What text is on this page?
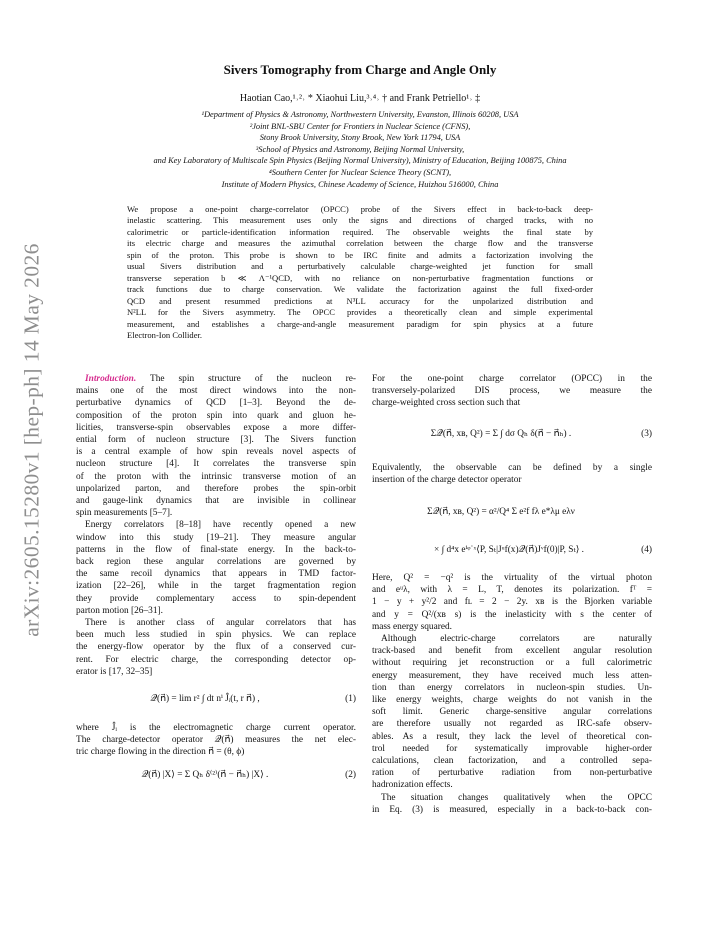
arXiv:2605.15280v1 [hep-ph] 14 May 2026
Sivers Tomography from Charge and Angle Only
Haotian Cao,¹˒²˒ * Xiaohui Liu,³˒⁴˒ † and Frank Petriello¹˒ ‡
¹Department of Physics & Astronomy, Northwestern University, Evanston, Illinois 60208, USA
²Joint BNL-SBU Center for Frontiers in Nuclear Science (CFNS),
Stony Brook University, Stony Brook, New York 11794, USA
³School of Physics and Astronomy, Beijing Normal University,
and Key Laboratory of Multiscale Spin Physics (Beijing Normal University), Ministry of Education, Beijing 100875, China
⁴Southern Center for Nuclear Science Theory (SCNT),
Institute of Modern Physics, Chinese Academy of Science, Huizhou 516000, China
We propose a one-point charge-correlator (OPCC) probe of the Sivers effect in back-to-back deep-
inelastic scattering. This measurement uses only the signs and directions of charged tracks, with no
calorimetric or particle-identification information required. The observable weights the final state by
its electric charge and measures the azimuthal correlation between the charge flow and the transverse
spin of the proton. This probe is shown to be IRC finite and admits a factorization involving the
usual Sivers distribution and a perturbatively calculable charge-weighted jet function for small
transverse seperation b ≪ Λ⁻¹QCD, with no reliance on non-perturbative fragmentation functions or
track functions due to charge conservation. We validate the factorization against the full fixed-order
QCD and present resummed predictions at N³LL accuracy for the unpolarized distribution and
N²LL for the Sivers asymmetry. The OPCC provides a theoretically clean and simple experimental
measurement, and establishes a charge-and-angle measurement paradigm for spin physics at a future
Electron-Ion Collider.
Introduction. The spin structure of the nucleon re-
mains one of the most direct windows into the non-
perturbative dynamics of QCD [1–3]. Beyond the de-
composition of the proton spin into quark and gluon he-
licities, transverse-spin observables expose a more differ-
ential form of nucleon structure [3]. The Sivers function
is a central example of how spin reveals novel aspects of
nucleon structure [4]. It correlates the transverse spin
of the proton with the intrinsic transverse motion of an
unpolarized parton, and therefore probes the spin-orbit
and gauge-link dynamics that are invisible in collinear
spin measurements [5–7].
Energy correlators [8–18] have recently opened a new
window into this study [19–21]. They measure angular
patterns in the flow of final-state energy. In the back-to-
back region these angular correlations are governed by
the same recoil dynamics that appears in TMD factor-
ization [22–26], while in the target fragmentation region
they provide complementary access to spin-dependent
parton motion [26–31].
There is another class of angular correlators that has
been much less studied in spin physics. We can replace
the energy-flow operator by the flux of a conserved cur-
rent. For electric charge, the corresponding detector op-
erator is [17, 32–35]
𝒬(n⃗) = lim r² ∫ dt nⁱ Ĵᵢ(t, r n⃗) ,	(1)
where Ĵᵢ is the electromagnetic charge current operator.
The charge-detector operator 𝒬(n⃗) measures the net elec-
tric charge flowing in the direction n⃗ = (θ, ϕ)
𝒬(n⃗) |X⟩ = Σ Qₕ δ⁽²⁾(n⃗ − n⃗ₕ) |X⟩ .	(2)
For the one-point charge correlator (OPCC) in the
transversely-polarized DIS process, we measure the
charge-weighted cross section such that
Σ𝒬(n⃗, xʙ, Q²) = Σ ∫ dσ Qₕ δ(n⃗ − n⃗ₕ) .	(3)
Equivalently, the observable can be defined by a single
insertion of the charge detector operator
Σ𝒬(n⃗, xʙ, Q²) = α²/Q⁴ Σ e²f fλ e*λμ eλν
× ∫ d⁴x eⁱᵠ˙ˣ⟨P, Sₜ|Jᵘf(x)𝒬(n⃗)Jᵛf(0)|P, Sₜ⟩ .	(4)
Here, Q² = −q² is the virtuality of the virtual photon
and eᵘλ, with λ = L, T, denotes its polarization. fᵀ =
1 − y + y²/2 and fʟ = 2 − 2y. xʙ is the Bjorken variable
and y = Q²/(xʙ s) is the inelasticity with s the center of
mass energy squared.
Although electric-charge correlators are naturally
track-based and benefit from excellent angular resolution
without requiring jet reconstruction or a full calorimetric
energy measurement, they have received much less atten-
tion than energy correlators in nucleon-spin studies. Un-
like energy weights, charge weights do not vanish in the
soft limit. Generic charge-sensitive angular correlations
are therefore usually not regarded as IRC-safe observ-
ables. As a result, they lack the level of theoretical con-
trol needed for systematically improvable higher-order
calculations, clean factorization, and a controlled sepa-
ration of perturbative radiation from non-perturbative
hadronization effects.
The situation changes qualitatively when the OPCC
in Eq. (3) is measured, especially in a back-to-back con-
